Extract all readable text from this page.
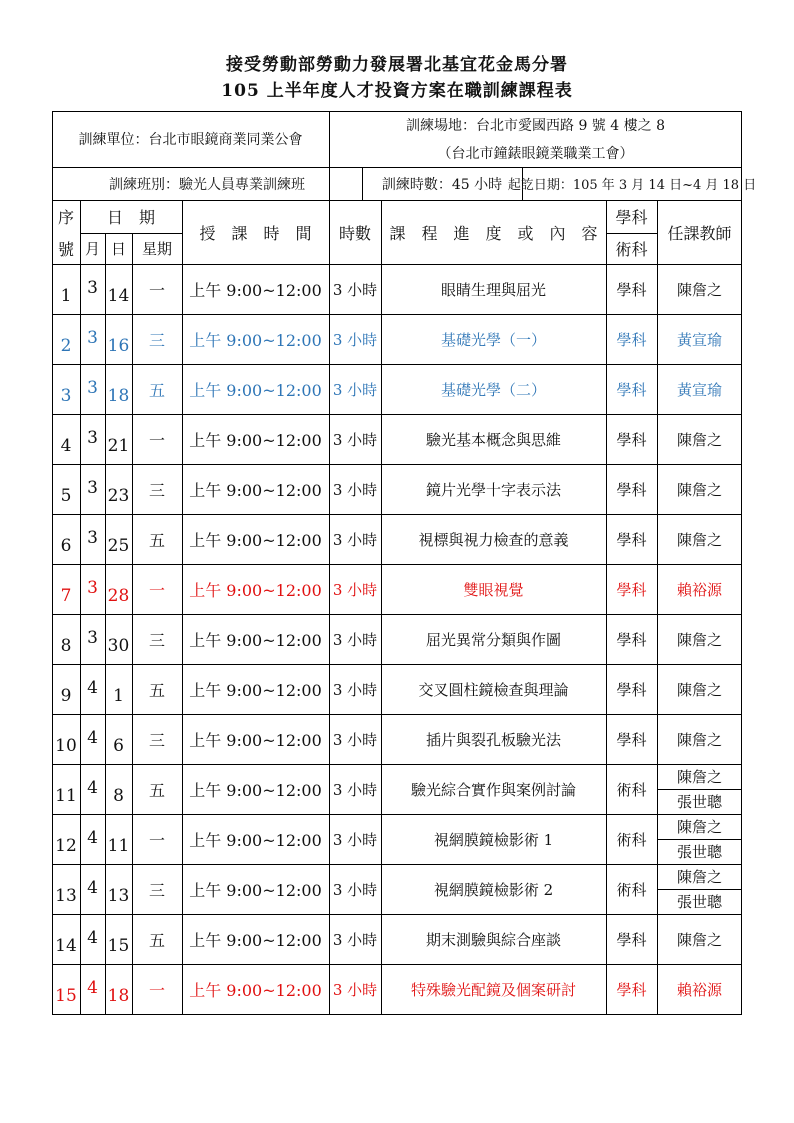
接受勞動部勞動力發展署北基宜花金馬分署
105 上半年度人才投資方案在職訓練課程表
訓練單位：台北市眼鏡商業同業公會
訓練場地：台北市愛國西路 9 號 4 樓之 8
（台北市鐘錶眼鏡業職業工會）
訓練班別：驗光人員專業訓練班	訓練時數：45 小時 起訖日期：105 年 3 月 14 日~4 月 18 日
序
號
日　期
月 日	星期
授　課　時　間	時數	課　程　進　度　或　內　容
學科
術科
任課教師
1 3 14	一	上午 9:00~12:00 3 小時	眼睛生理與屈光	學科	陳詹之
2 3 16	三	上午 9:00~12:00 3 小時	基礎光學（一）	學科	黃宣瑜
3 3 18	五	上午 9:00~12:00 3 小時	基礎光學（二）	學科	黃宣瑜
4 3 21	一	上午 9:00~12:00 3 小時	驗光基本概念與思維	學科	陳詹之
5 3 23	三	上午 9:00~12:00 3 小時	鏡片光學十字表示法	學科	陳詹之
6 3 25	五	上午 9:00~12:00 3 小時	視標與視力檢查的意義	學科	陳詹之
7 3 28	一	上午 9:00~12:00 3 小時	雙眼視覺	學科	賴裕源
8 3 30	三	上午 9:00~12:00 3 小時	屈光異常分類與作圖	學科	陳詹之
9 4 1	五	上午 9:00~12:00 3 小時	交叉圓柱鏡檢查與理論	學科	陳詹之
10 4 6	三	上午 9:00~12:00 3 小時	插片與裂孔板驗光法	學科	陳詹之
11 4 8	五	上午 9:00~12:00 3 小時	驗光綜合實作與案例討論	術科
陳詹之
張世聰
12 4 11	一	上午 9:00~12:00 3 小時	視網膜鏡檢影術 1	術科
陳詹之
張世聰
13 4 13	三	上午 9:00~12:00 3 小時	視網膜鏡檢影術 2	術科
陳詹之
張世聰
14 4 15	五	上午 9:00~12:00 3 小時	期末測驗與綜合座談	學科	陳詹之
15 4 18	一	上午 9:00~12:00 3 小時	特殊驗光配鏡及個案研討	學科	賴裕源
